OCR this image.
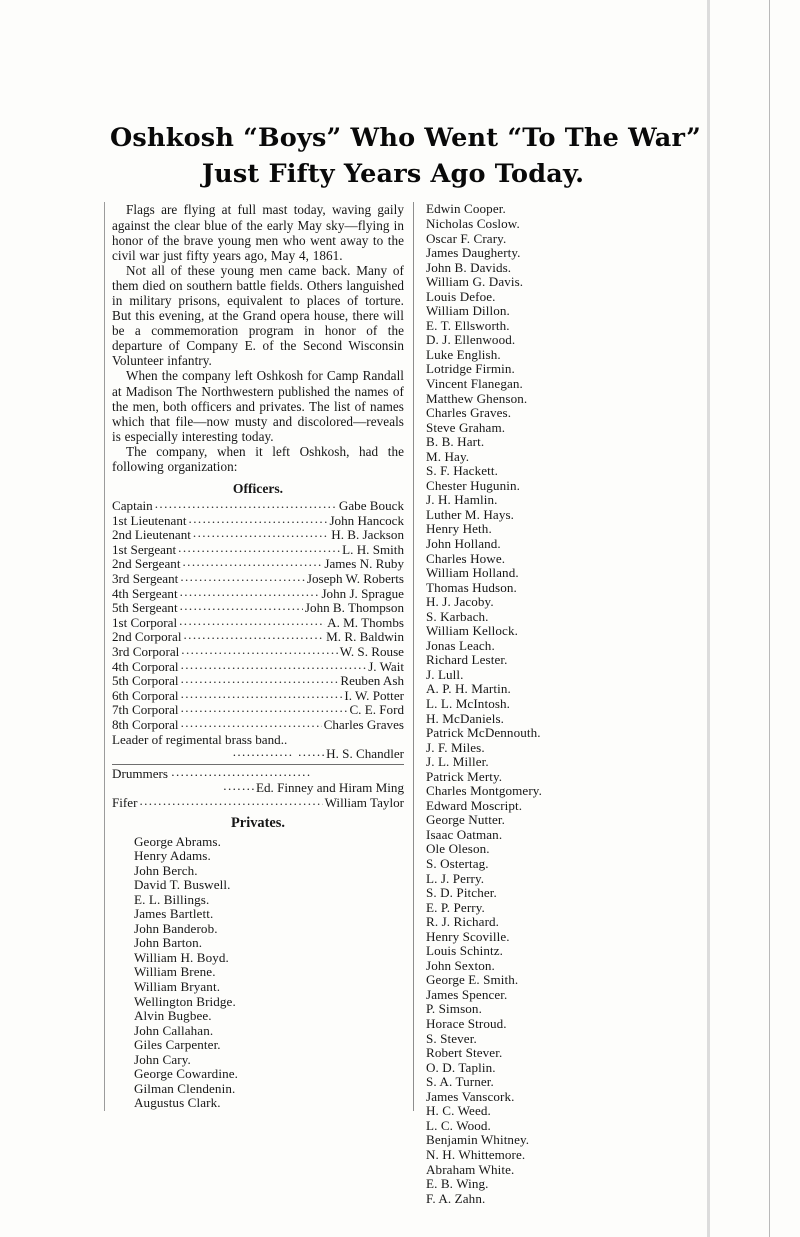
Oshkosh “Boys” Who Went “To The War”
Just Fifty Years Ago Today.

Flags are flying at full mast today, waving gaily against the clear blue of the early May sky—flying in honor of the brave young men who went away to the civil war just fifty years ago, May 4, 1861.

Not all of these young men came back. Many of them died on southern battle fields. Others languished in military prisons, equivalent to places of torture. But this evening, at the Grand opera house, there will be a commemoration program in honor of the departure of Company E. of the Second Wisconsin Volunteer infantry.

When the company left Oshkosh for Camp Randall at Madison The Northwestern published the names of the men, both officers and privates. The list of names which that file—now musty and discolored—reveals is especially interesting today.

The company, when it left Oshkosh, had the following organization:

Officers.
Captain .....	Gabe Bouck
1st Lieutenant .....	John Hancock
2nd Lieutenant .....	H. B. Jackson
1st Sergeant .....	L. H. Smith
2nd Sergeant .....	James N. Ruby
3rd Sergeant .....	Joseph W. Roberts
4th Sergeant .....	John J. Sprague
5th Sergeant .....	John B. Thompson
1st Corporal .....	A. M. Thombs
2nd Corporal .....	M. R. Baldwin
3rd Corporal .....	W. S. Rouse
4th Corporal .....	J. Wait
5th Corporal .....	Reuben Ash
6th Corporal .....	I. W. Potter
7th Corporal .....	C. E. Ford
8th Corporal .....	Charles Graves
Leader of regimental brass band..
............. ......H. S. Chandler
Drummers ..............................
.......Ed. Finney and Hiram Ming
Fifer .....	William Taylor
Privates.
George Abrams.
Henry Adams.
John Berch.
David T. Buswell.
E. L. Billings.
James Bartlett.
John Banderob.
John Barton.
William H. Boyd.
William Brene.
William Bryant.
Wellington Bridge.
Alvin Bugbee.
John Callahan.
Giles Carpenter.
John Cary.
George Cowardine.
Gilman Clendenin.
Augustus Clark.
Edwin Cooper.
Nicholas Coslow.
Oscar F. Crary.
James Daugherty.
John B. Davids.
William G. Davis.
Louis Defoe.
William Dillon.
E. T. Ellsworth.
D. J. Ellenwood.
Luke English.
Lotridge Firmin.
Vincent Flanegan.
Matthew Ghenson.
Charles Graves.
Steve Graham.
B. B. Hart.
M. Hay.
S. F. Hackett.
Chester Hugunin.
J. H. Hamlin.
Luther M. Hays.
Henry Heth.
John Holland.
Charles Howe.
William Holland.
Thomas Hudson.
H. J. Jacoby.
S. Karbach.
William Kellock.
Jonas Leach.
Richard Lester.
J. Lull.
A. P. H. Martin.
L. L. McIntosh.
H. McDaniels.
Patrick McDennouth.
J. F. Miles.
J. L. Miller.
Patrick Merty.
Charles Montgomery.
Edward Moscript.
George Nutter.
Isaac Oatman.
Ole Oleson.
S. Ostertag.
L. J. Perry.
S. D. Pitcher.
E. P. Perry.
R. J. Richard.
Henry Scoville.
Louis Schintz.
John Sexton.
George E. Smith.
James Spencer.
P. Simson.
Horace Stroud.
S. Stever.
Robert Stever.
O. D. Taplin.
S. A. Turner.
James Vanscork.
H. C. Weed.
L. C. Wood.
Benjamin Whitney.
N. H. Whittemore.
Abraham White.
E. B. Wing.
F. A. Zahn.
